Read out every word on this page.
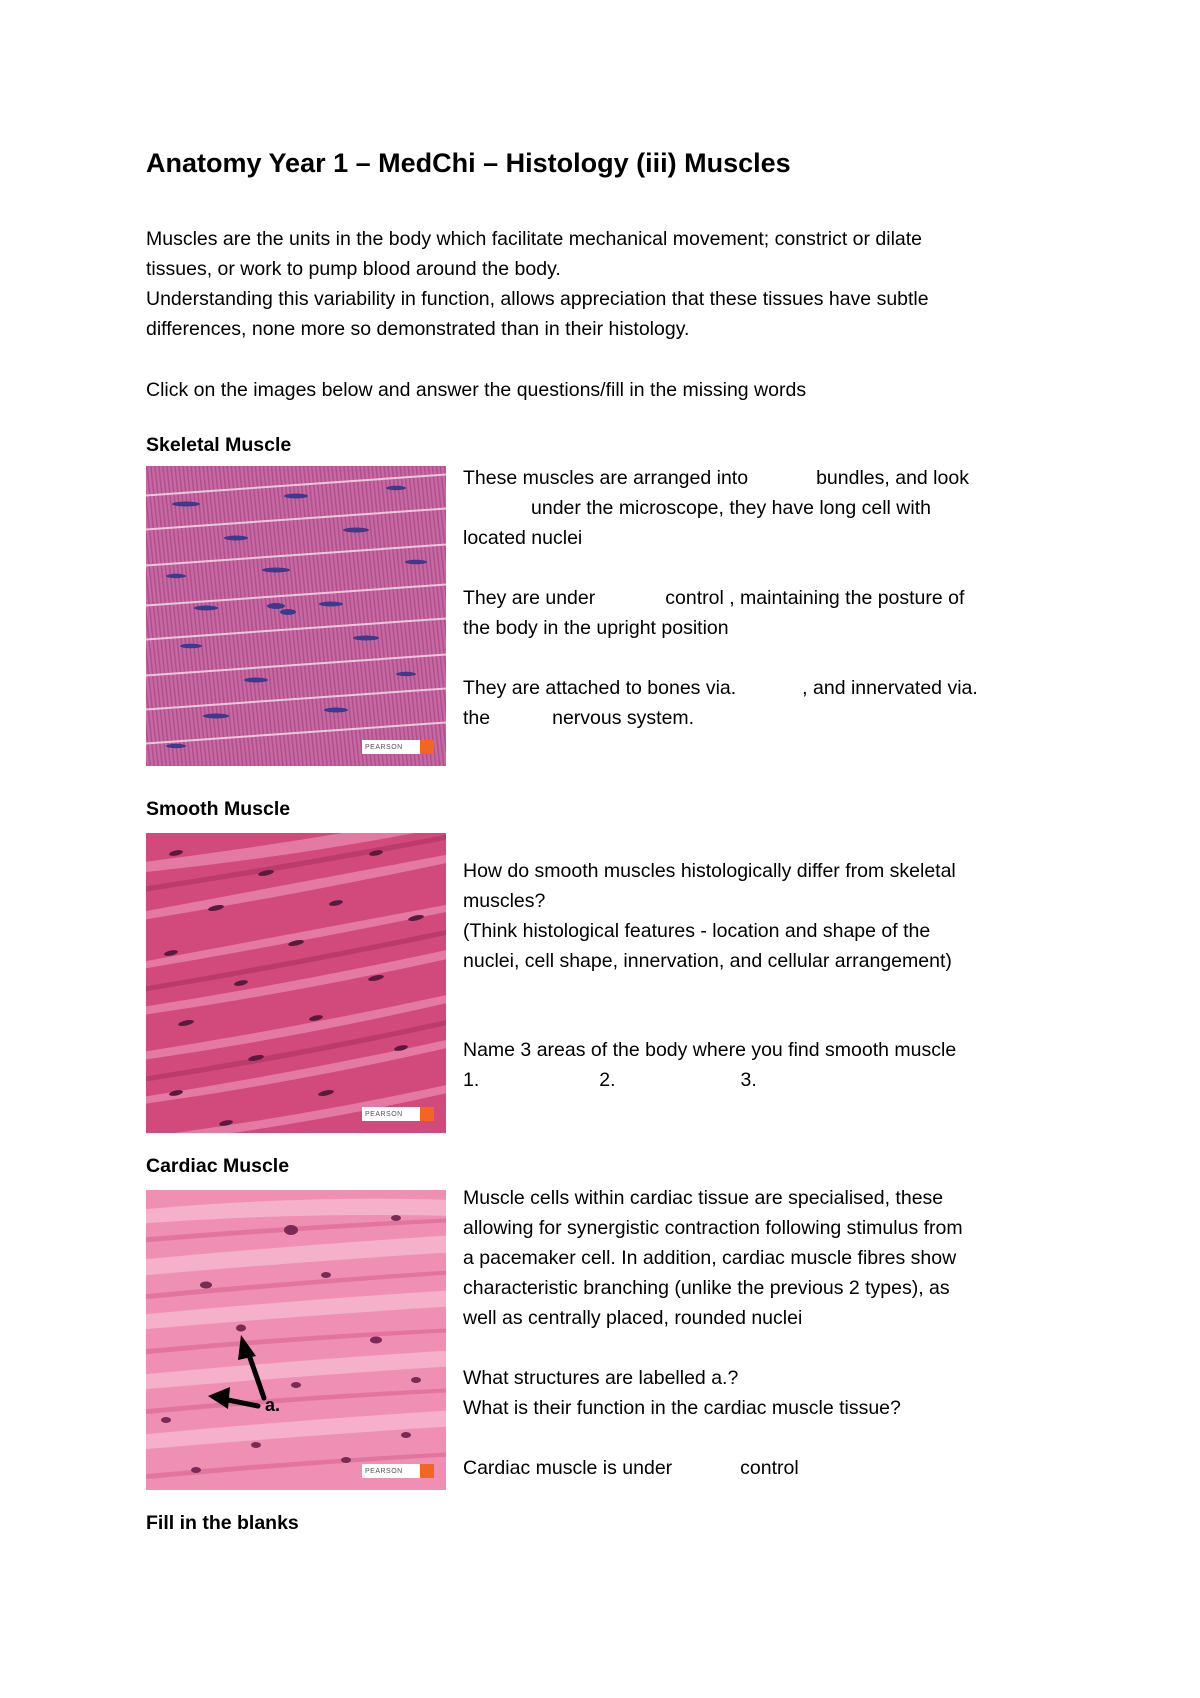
Anatomy Year 1 – MedChi – Histology (iii) Muscles
Muscles are the units in the body which facilitate mechanical movement; constrict or dilate
tissues, or work to pump blood around the body.
Understanding this variability in function, allows appreciation that these tissues have subtle
differences, none more so demonstrated than in their histology.
Click on the images below and answer the questions/fill in the missing words
Skeletal Muscle
PEARSON
These muscles are arranged into	bundles, and look
under the microscope, they have long cell with
located nuclei
They are under	control , maintaining the posture of
the body in the upright position
They are attached to bones via.	, and innervated via.
the	nervous system.
Smooth Muscle
PEARSON
How do smooth muscles histologically differ from skeletal
muscles?
(Think histological features - location and shape of the
nuclei, cell shape, innervation, and cellular arrangement)
Name 3 areas of the body where you find smooth muscle
1.	2.	3.
Cardiac Muscle
a.
PEARSON
Muscle cells within cardiac tissue are specialised, these
allowing for synergistic contraction following stimulus from
a pacemaker cell. In addition, cardiac muscle fibres show
characteristic branching (unlike the previous 2 types), as
well as centrally placed, rounded nuclei
What structures are labelled a.?
What is their function in the cardiac muscle tissue?
Cardiac muscle is under	control
Fill in the blanks
